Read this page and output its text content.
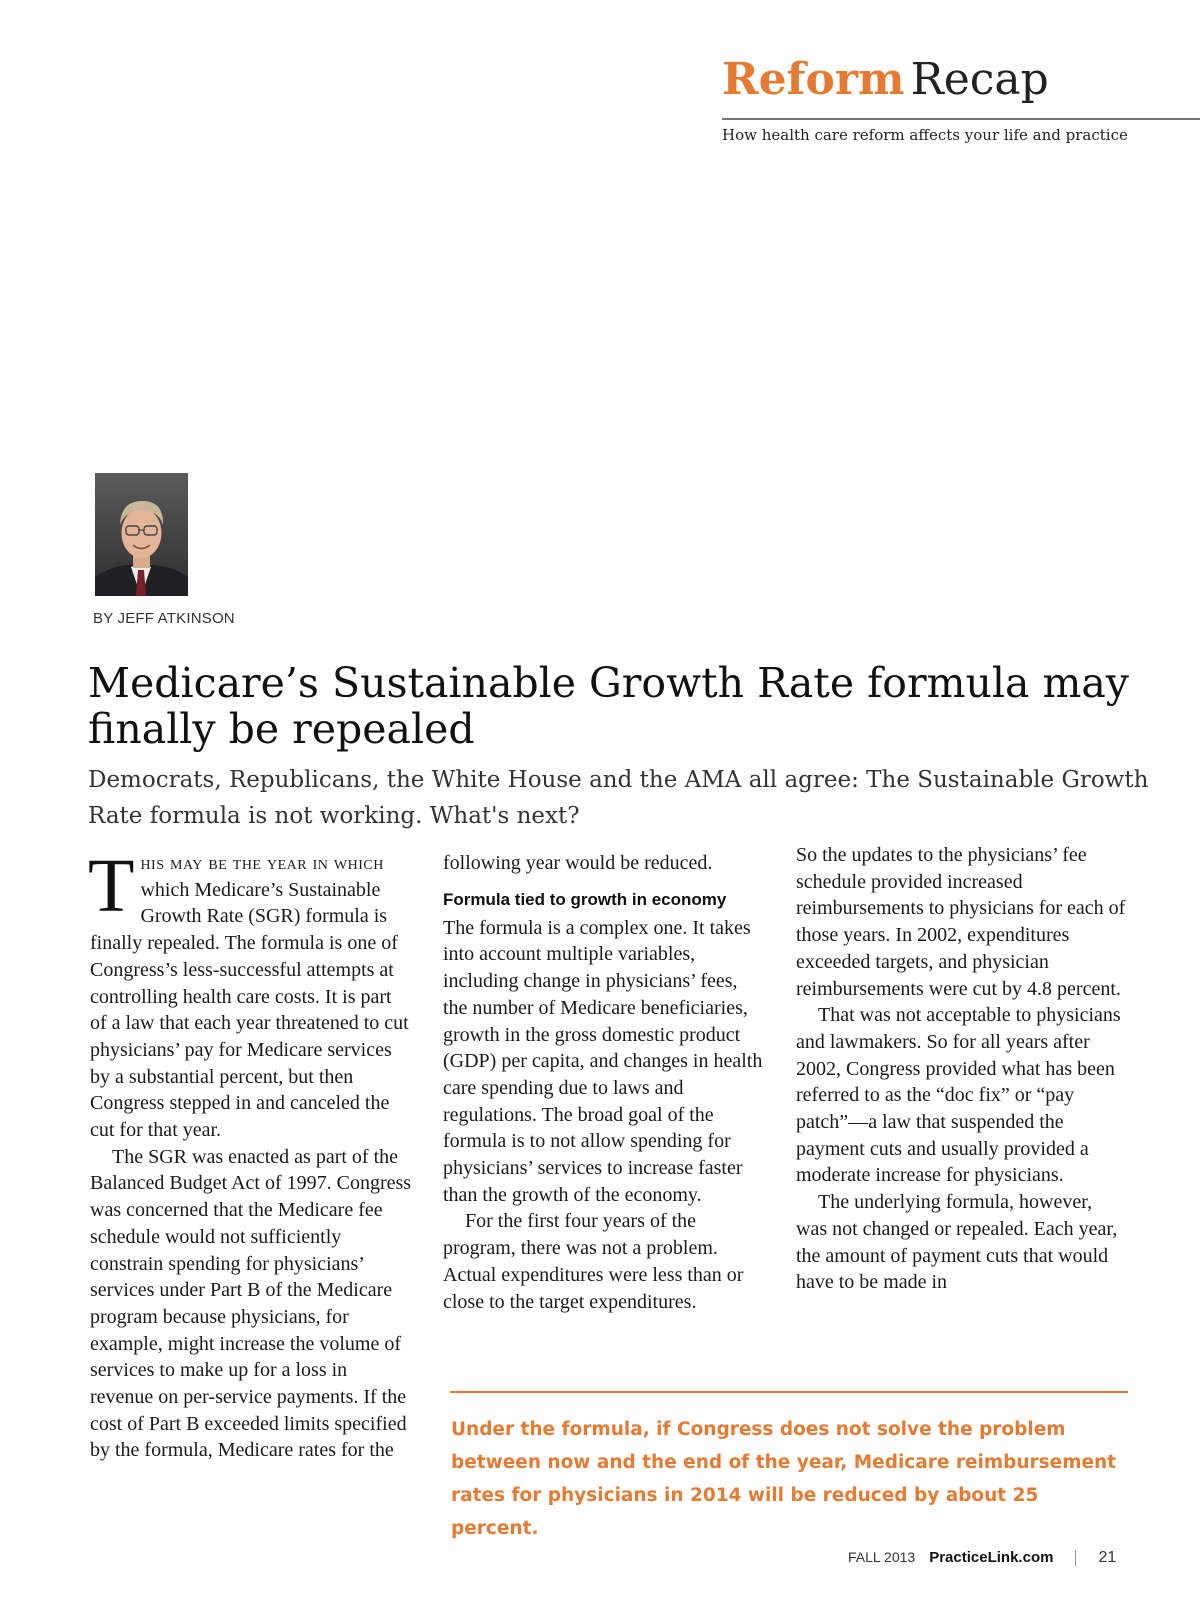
Reform Recap
How health care reform affects your life and practice
BY JEFF ATKINSON
Medicare’s Sustainable Growth Rate formula may finally be repealed

Democrats, Republicans, the White House and the AMA all agree: The Sustainable Growth Rate formula is not working. What's next?

This may be the year in which which Medicare’s Sustainable Growth Rate (SGR) formula is finally repealed. The formula is one of Congress’s less-successful attempts at controlling health care costs. It is part of a law that each year threatened to cut physicians’ pay for Medicare services by a substantial percent, but then Congress stepped in and canceled the cut for that year.

The SGR was enacted as part of the Balanced Budget Act of 1997. Congress was concerned that the Medicare fee schedule would not sufficiently constrain spending for physicians’ services under Part B of the Medicare program because physicians, for example, might increase the volume of services to make up for a loss in revenue on per-service payments. If the cost of Part B exceeded limits specified by the formula, Medicare rates for the

following year would be reduced.

Formula tied to growth in economy

The formula is a complex one. It takes into account multiple variables, including change in physicians’ fees, the number of Medicare beneficiaries, growth in the gross domestic product (GDP) per capita, and changes in health care spending due to laws and regulations. The broad goal of the formula is to not allow spending for physicians’ services to increase faster than the growth of the economy.

For the first four years of the program, there was not a problem. Actual expenditures were less than or close to the target expenditures.

So the updates to the physicians’ fee schedule provided increased reimbursements to physicians for each of those years. In 2002, expenditures exceeded targets, and physician reimbursements were cut by 4.8 percent.

That was not acceptable to physicians and lawmakers. So for all years after 2002, Congress provided what has been referred to as the “doc fix” or “pay patch”—a law that suspended the payment cuts and usually provided a moderate increase for physicians.

The underlying formula, however, was not changed or repealed. Each year, the amount of payment cuts that would have to be made in

Under the formula, if Congress does not solve the problem between now and the end of the year, Medicare reimbursement rates for physicians in 2014 will be reduced by about 25 percent.

FALL 2013 PracticeLink.com	21
